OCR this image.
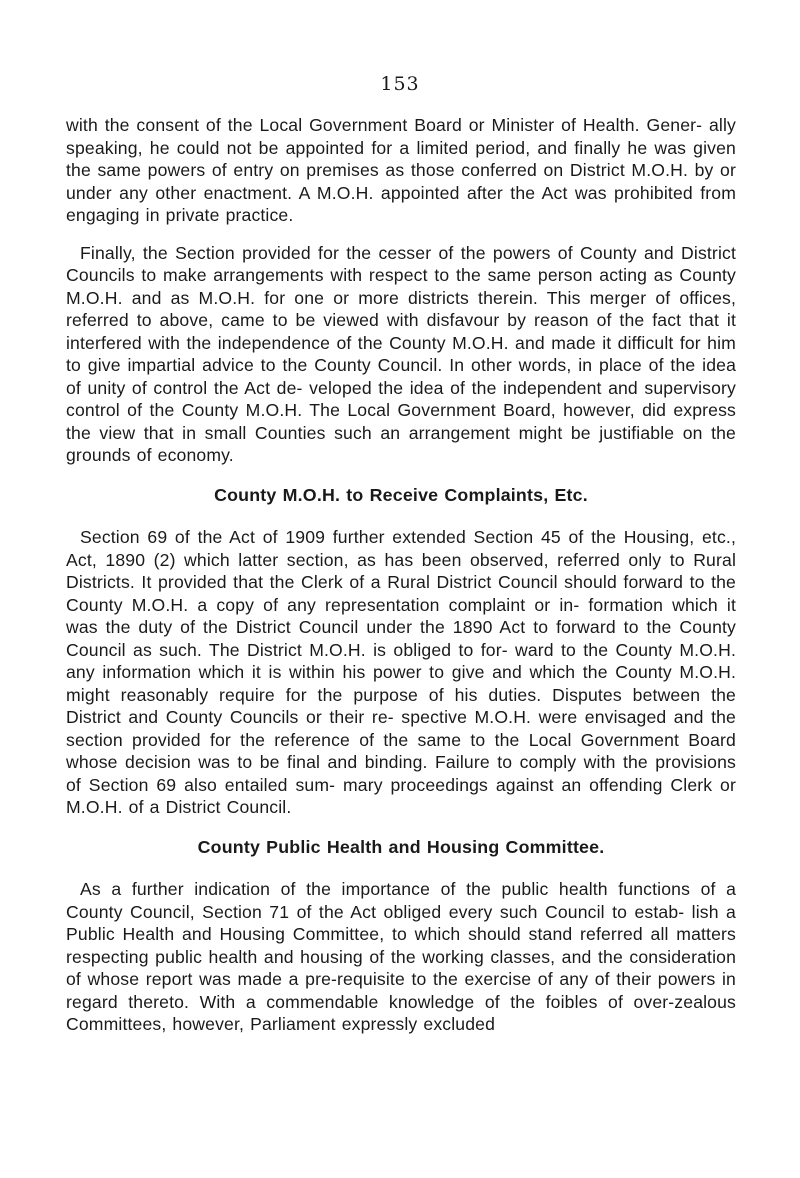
153

with the consent of the Local Government Board or Minister of Health. Gener- ally speaking, he could not be appointed for a limited period, and finally he was given the same powers of entry on premises as those conferred on District M.O.H. by or under any other enactment. A M.O.H. appointed after the Act was prohibited from engaging in private practice.

Finally, the Section provided for the cesser of the powers of County and District Councils to make arrangements with respect to the same person acting as County M.O.H. and as M.O.H. for one or more districts therein. This merger of offices, referred to above, came to be viewed with disfavour by reason of the fact that it interfered with the independence of the County M.O.H. and made it difficult for him to give impartial advice to the County Council. In other words, in place of the idea of unity of control the Act de- veloped the idea of the independent and supervisory control of the County M.O.H. The Local Government Board, however, did express the view that in small Counties such an arrangement might be justifiable on the grounds of economy.

County M.O.H. to Receive Complaints, Etc.

Section 69 of the Act of 1909 further extended Section 45 of the Housing, etc., Act, 1890 (2) which latter section, as has been observed, referred only to Rural Districts. It provided that the Clerk of a Rural District Council should forward to the County M.O.H. a copy of any representation complaint or in- formation which it was the duty of the District Council under the 1890 Act to forward to the County Council as such. The District M.O.H. is obliged to for- ward to the County M.O.H. any information which it is within his power to give and which the County M.O.H. might reasonably require for the purpose of his duties. Disputes between the District and County Councils or their re- spective M.O.H. were envisaged and the section provided for the reference of the same to the Local Government Board whose decision was to be final and binding. Failure to comply with the provisions of Section 69 also entailed sum- mary proceedings against an offending Clerk or M.O.H. of a District Council.

County Public Health and Housing Committee.

As a further indication of the importance of the public health functions of a County Council, Section 71 of the Act obliged every such Council to estab- lish a Public Health and Housing Committee, to which should stand referred all matters respecting public health and housing of the working classes, and the consideration of whose report was made a pre-requisite to the exercise of any of their powers in regard thereto. With a commendable knowledge of the foibles of over-zealous Committees, however, Parliament expressly excluded
